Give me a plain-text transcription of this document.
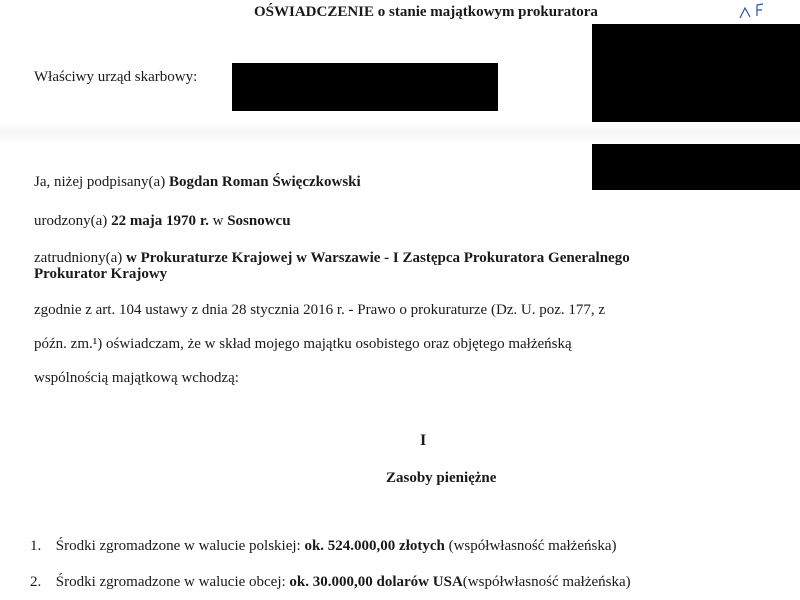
OŚWIADCZENIE o stanie majątkowym prokuratora
Właściwy urząd skarbowy:
Ja, niżej podpisany(a) Bogdan Roman Święczkowski
urodzony(a) 22 maja 1970 r. w Sosnowcu
zatrudniony(a) w Prokuraturze Krajowej w Warszawie - I Zastępca Prokuratora Generalnego
Prokurator Krajowy
zgodnie z art. 104 ustawy z dnia 28 stycznia 2016 r. - Prawo o prokuraturze (Dz. U. poz. 177, z
późn. zm.¹) oświadczam, że w skład mojego majątku osobistego oraz objętego małżeńską
wspólnością majątkową wchodzą:
I
Zasoby pieniężne
1. Środki zgromadzone w walucie polskiej: ok. 524.000,00 złotych (współwłasność małżeńska)
2. Środki zgromadzone w walucie obcej: ok. 30.000,00 dolarów USA(współwłasność małżeńska)
